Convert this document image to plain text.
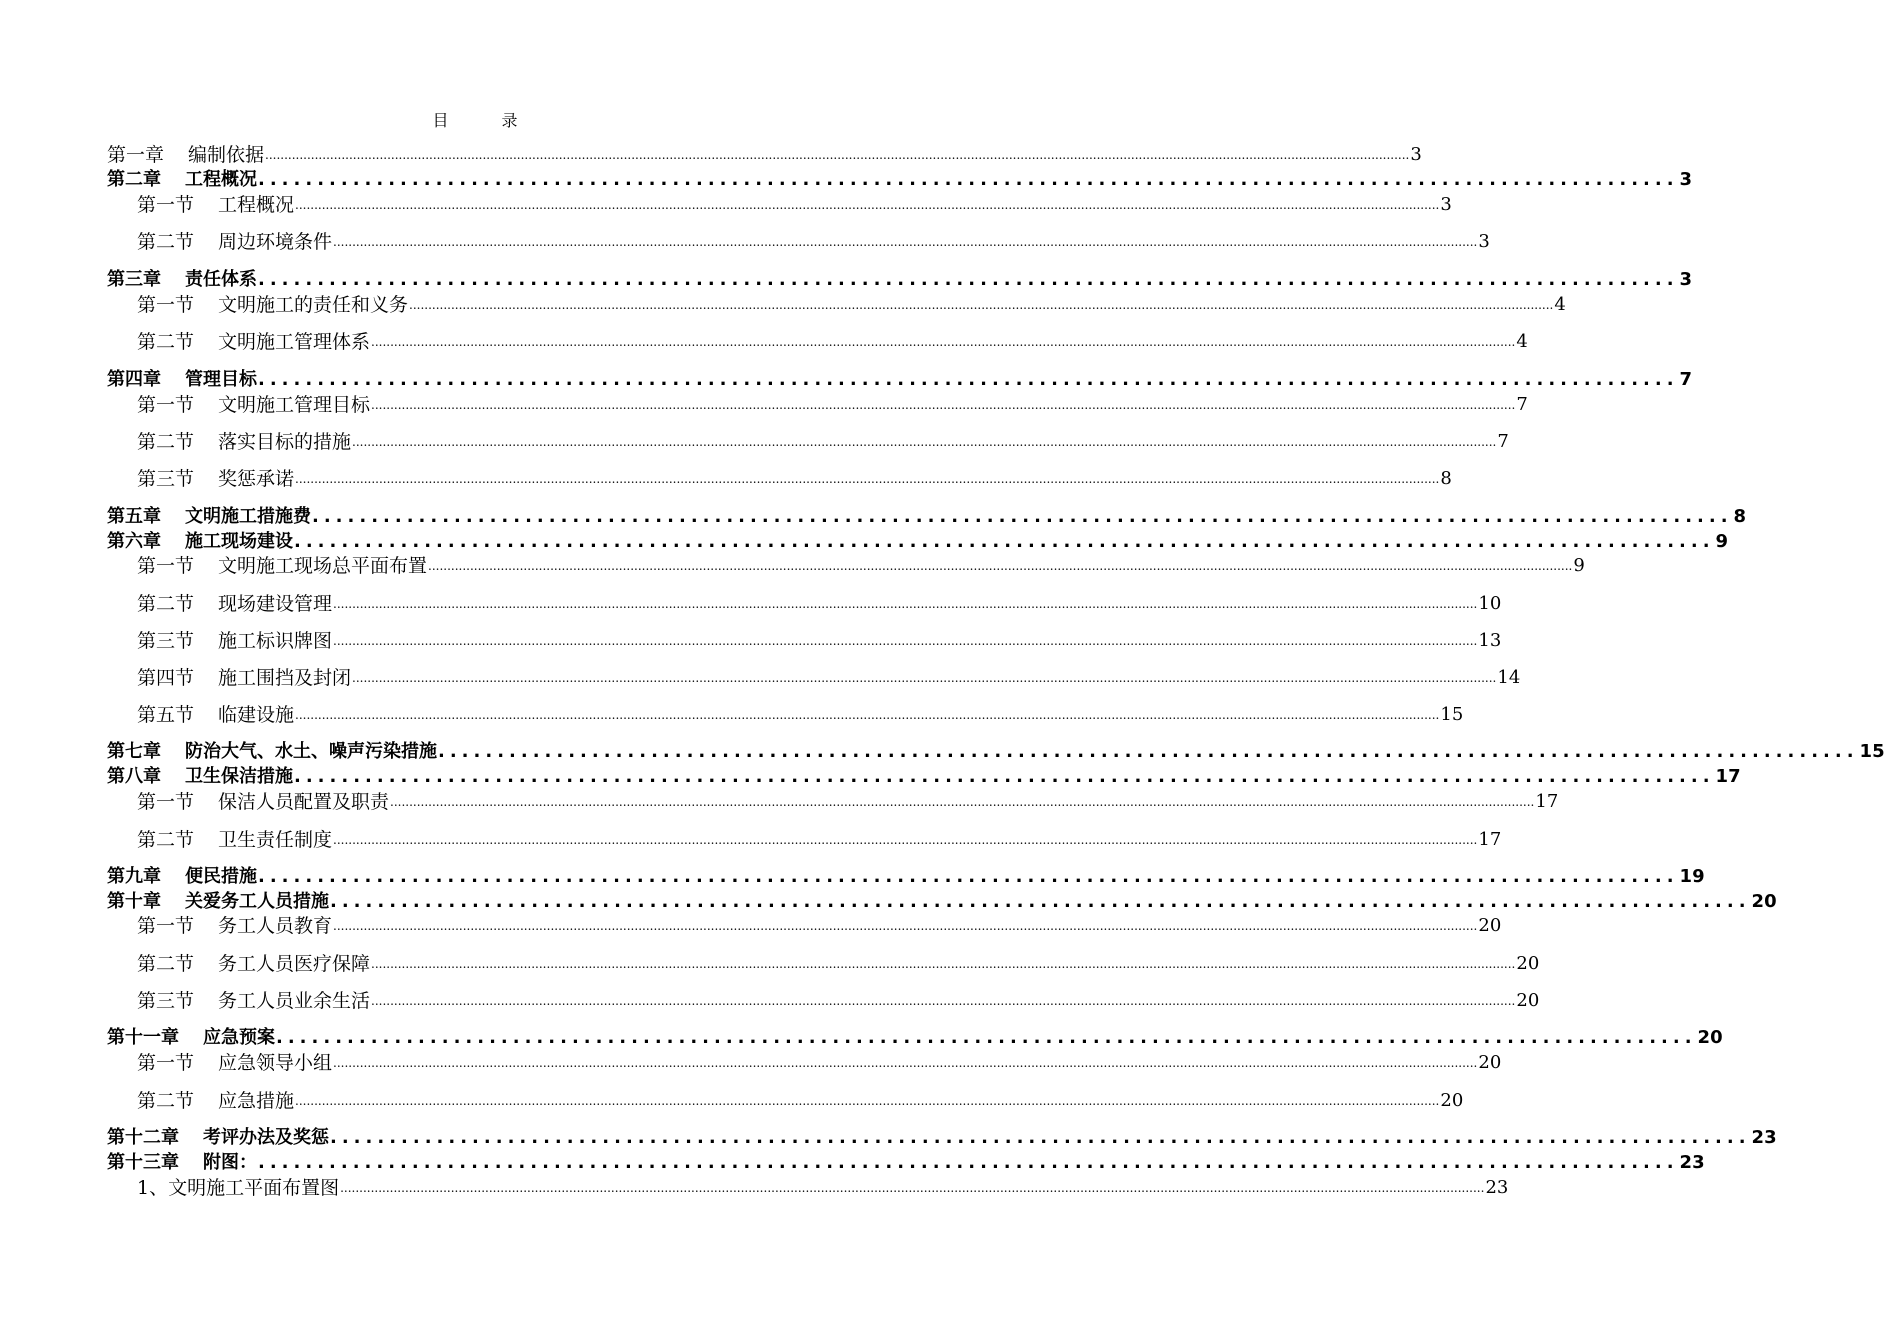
目 录
第一章 编制依据 ............................................................................................................................................................................................................................................................................................................ 3
第二章 工程概况 ........................................................................................................................ 3
第一节 工程概况 ............................................................................................................................................................................................................................................................................................................ 3
第二节 周边环境条件 ............................................................................................................................................................................................................................................................................................................ 3
第三章 责任体系 ........................................................................................................................ 3
第一节 文明施工的责任和义务 ............................................................................................................................................................................................................................................................................................................ 4
第二节 文明施工管理体系 ............................................................................................................................................................................................................................................................................................................ 4
第四章 管理目标 ........................................................................................................................ 7
第一节 文明施工管理目标 ............................................................................................................................................................................................................................................................................................................ 7
第二节 落实目标的措施 ............................................................................................................................................................................................................................................................................................................ 7
第三节 奖惩承诺 ............................................................................................................................................................................................................................................................................................................ 8
第五章 文明施工措施费 ........................................................................................................................ 8
第六章 施工现场建设 ........................................................................................................................ 9
第一节 文明施工现场总平面布置 ............................................................................................................................................................................................................................................................................................................ 9
第二节 现场建设管理 ............................................................................................................................................................................................................................................................................................................ 10
第三节 施工标识牌图 ............................................................................................................................................................................................................................................................................................................ 13
第四节 施工围挡及封闭 ............................................................................................................................................................................................................................................................................................................ 14
第五节 临建设施 ............................................................................................................................................................................................................................................................................................................ 15
第七章 防治大气、水土、噪声污染措施 ........................................................................................................................ 15
第八章 卫生保洁措施 ........................................................................................................................ 17
第一节 保洁人员配置及职责 ............................................................................................................................................................................................................................................................................................................ 17
第二节 卫生责任制度 ............................................................................................................................................................................................................................................................................................................ 17
第九章 便民措施 ........................................................................................................................ 19
第十章 关爱务工人员措施 ........................................................................................................................ 20
第一节 务工人员教育 ............................................................................................................................................................................................................................................................................................................ 20
第二节 务工人员医疗保障 ............................................................................................................................................................................................................................................................................................................ 20
第三节 务工人员业余生活 ............................................................................................................................................................................................................................................................................................................ 20
第十一章 应急预案 ........................................................................................................................ 20
第一节 应急领导小组 ............................................................................................................................................................................................................................................................................................................ 20
第二节 应急措施 ............................................................................................................................................................................................................................................................................................................ 20
第十二章 考评办法及奖惩 ........................................................................................................................ 23
第十三章 附图： ........................................................................................................................ 23
1、文明施工平面布置图 ............................................................................................................................................................................................................................................................................................................ 23
